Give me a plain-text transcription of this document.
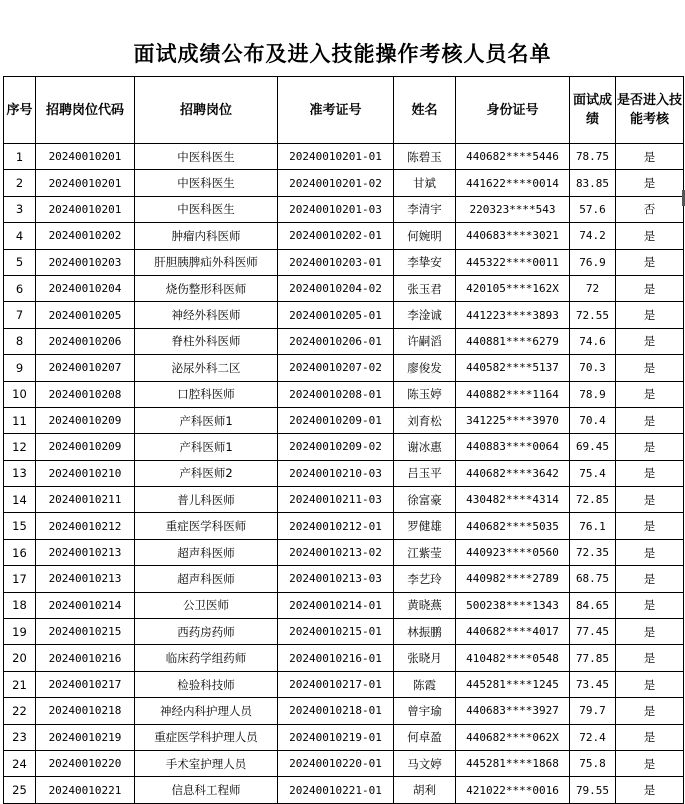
面试成绩公布及进入技能操作考核人员名单
序号	招聘岗位代码	招聘岗位	准考证号	姓名	身份证号	面试成绩	是否进入技能考核
1	20240010201	中医科医生	20240010201-01	陈碧玉	440682****5446	78.75	是
2	20240010201	中医科医生	20240010201-02	甘斌	441622****0014	83.85	是
3	20240010201	中医科医生	20240010201-03	李清宇	220323****543	57.6	否
4	20240010202	肿瘤内科医师	20240010202-01	何婉明	440683****3021	74.2	是
5	20240010203	肝胆胰脾疝外科医师	20240010203-01	李挚安	445322****0011	76.9	是
6	20240010204	烧伤整形科医师	20240010204-02	张玉君	420105****162X	72	是
7	20240010205	神经外科医师	20240010205-01	李淦诚	441223****3893	72.55	是
8	20240010206	脊柱外科医师	20240010206-01	许嗣滔	440881****6279	74.6	是
9	20240010207	泌尿外科二区	20240010207-02	廖俊发	440582****5137	70.3	是
10	20240010208	口腔科医师	20240010208-01	陈玉婷	440882****1164	78.9	是
11	20240010209	产科医师1	20240010209-01	刘育松	341225****3970	70.4	是
12	20240010209	产科医师1	20240010209-02	谢冰惠	440883****0064	69.45	是
13	20240010210	产科医师2	20240010210-03	吕玉平	440682****3642	75.4	是
14	20240010211	普儿科医师	20240010211-03	徐富豪	430482****4314	72.85	是
15	20240010212	重症医学科医师	20240010212-01	罗健雄	440682****5035	76.1	是
16	20240010213	超声科医师	20240010213-02	江紫莹	440923****0560	72.35	是
17	20240010213	超声科医师	20240010213-03	李艺玲	440982****2789	68.75	是
18	20240010214	公卫医师	20240010214-01	黄晓燕	500238****1343	84.65	是
19	20240010215	西药房药师	20240010215-01	林振鹏	440682****4017	77.45	是
20	20240010216	临床药学组药师	20240010216-01	张晓月	410482****0548	77.85	是
21	20240010217	检验科技师	20240010217-01	陈霞	445281****1245	73.45	是
22	20240010218	神经内科护理人员	20240010218-01	曾宇瑜	440683****3927	79.7	是
23	20240010219	重症医学科护理人员	20240010219-01	何卓盈	440682****062X	72.4	是
24	20240010220	手术室护理人员	20240010220-01	马文婷	445281****1868	75.8	是
25	20240010221	信息科工程师	20240010221-01	胡利	421022****0016	79.55	是
